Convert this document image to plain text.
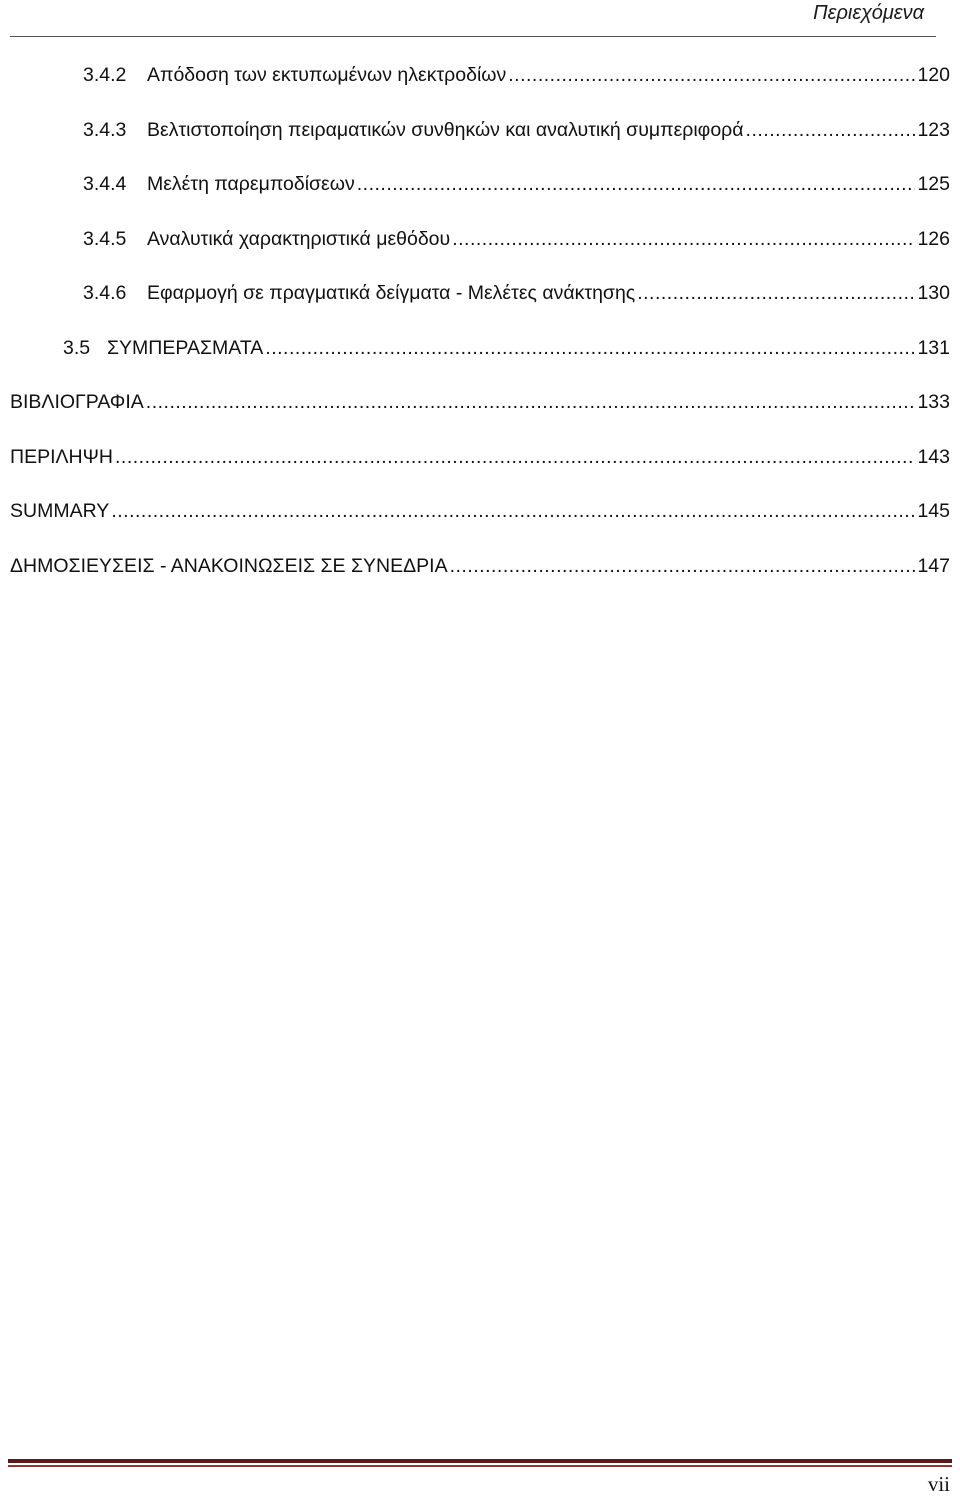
Περιεχόμενα
3.4.2	Απόδοση των εκτυπωμένων ηλεκτροδίων .....	120
3.4.3	Βελτιστοποίηση πειραματικών συνθηκών και αναλυτική συμπεριφορά .....	123
3.4.4	Μελέτη παρεμποδίσεων .....	125
3.4.5	Αναλυτικά χαρακτηριστικά μεθόδου .....	126
3.4.6	Εφαρμογή σε πραγματικά δείγματα - Μελέτες ανάκτησης .....	130
3.5 ΣΥΜΠΕΡΑΣΜΑΤΑ .....	131
ΒΙΒΛΙΟΓΡΑΦΙΑ .....	133
ΠΕΡΙΛΗΨΗ .....	143
SUMMARY .....	145
ΔΗΜΟΣΙΕΥΣΕΙΣ - ΑΝΑΚΟΙΝΩΣΕΙΣ ΣΕ ΣΥΝΕΔΡΙΑ .....	147
vii
